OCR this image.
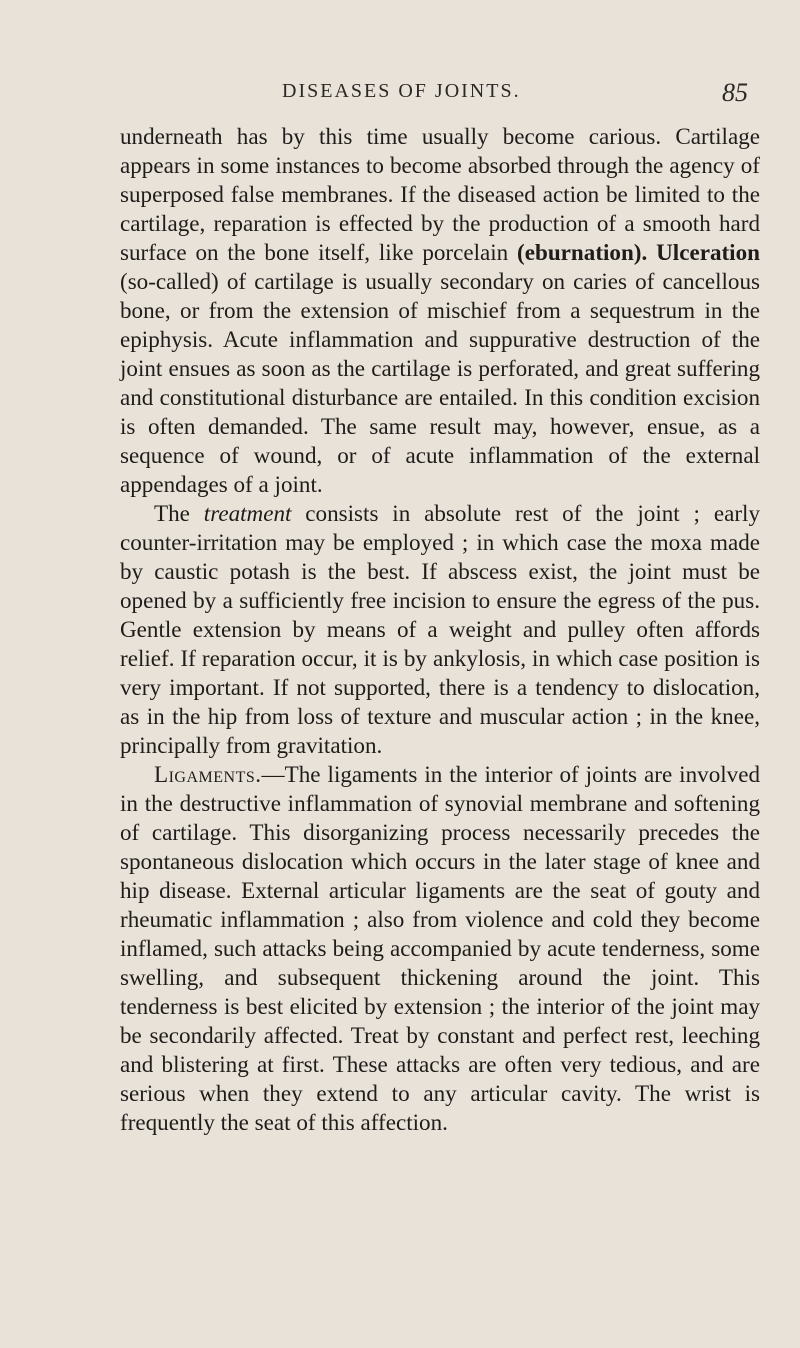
DISEASES OF JOINTS.	85

underneath has by this time usually become carious. Cartilage appears in some instances to become absorbed through the agency of superposed false membranes. If the diseased action be limited to the cartilage, reparation is effected by the production of a smooth hard surface on the bone itself, like porcelain (eburnation). Ulceration (so-called) of cartilage is usually secondary on caries of cancellous bone, or from the extension of mischief from a sequestrum in the epiphysis. Acute inflammation and suppurative destruction of the joint ensues as soon as the cartilage is perforated, and great suffering and constitutional disturbance are entailed. In this condition excision is often demanded. The same result may, however, ensue, as a sequence of wound, or of acute inflammation of the external appendages of a joint.

The treatment consists in absolute rest of the joint ; early counter-irritation may be employed ; in which case the moxa made by caustic potash is the best. If abscess exist, the joint must be opened by a sufficiently free incision to ensure the egress of the pus. Gentle extension by means of a weight and pulley often affords relief. If reparation occur, it is by ankylosis, in which case position is very important. If not supported, there is a tendency to dislocation, as in the hip from loss of texture and muscular action ; in the knee, principally from gravitation.

Ligaments.—The ligaments in the interior of joints are involved in the destructive inflammation of synovial membrane and softening of cartilage. This disorganizing process necessarily precedes the spontaneous dislocation which occurs in the later stage of knee and hip disease. External articular ligaments are the seat of gouty and rheumatic inflammation ; also from violence and cold they become inflamed, such attacks being accompanied by acute tenderness, some swelling, and subsequent thickening around the joint. This tenderness is best elicited by extension ; the interior of the joint may be secondarily affected. Treat by constant and perfect rest, leeching and blistering at first. These attacks are often very tedious, and are serious when they extend to any articular cavity. The wrist is frequently the seat of this affection.
